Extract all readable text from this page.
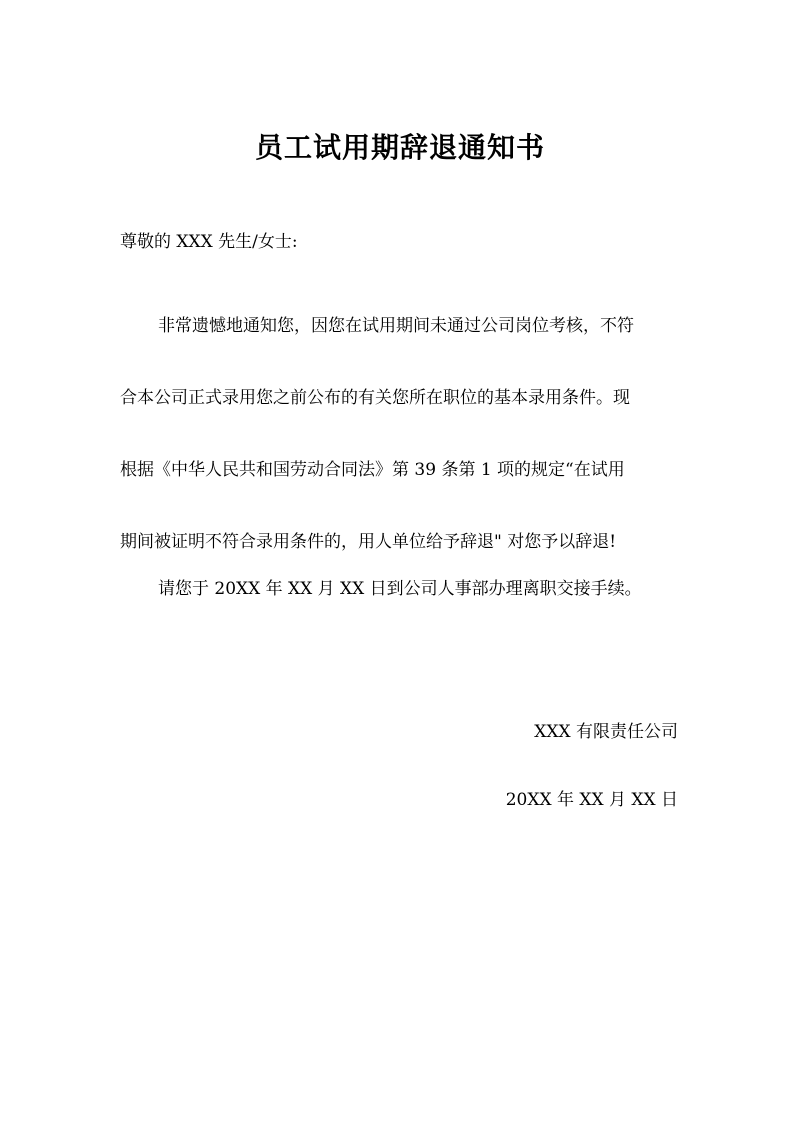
员工试用期辞退通知书
尊敬的 XXX 先生/女士:
非常遗憾地通知您，因您在试用期间未通过公司岗位考核，不符
合本公司正式录用您之前公布的有关您所在职位的基本录用条件。现
根据《中华人民共和国劳动合同法》第 39 条第 1 项的规定“在试用
期间被证明不符合录用条件的，用人单位给予辞退" 对您予以辞退!
请您于 20XX 年 XX 月 XX 日到公司人事部办理离职交接手续。
XXX 有限责任公司
20XX 年 XX 月 XX 日
